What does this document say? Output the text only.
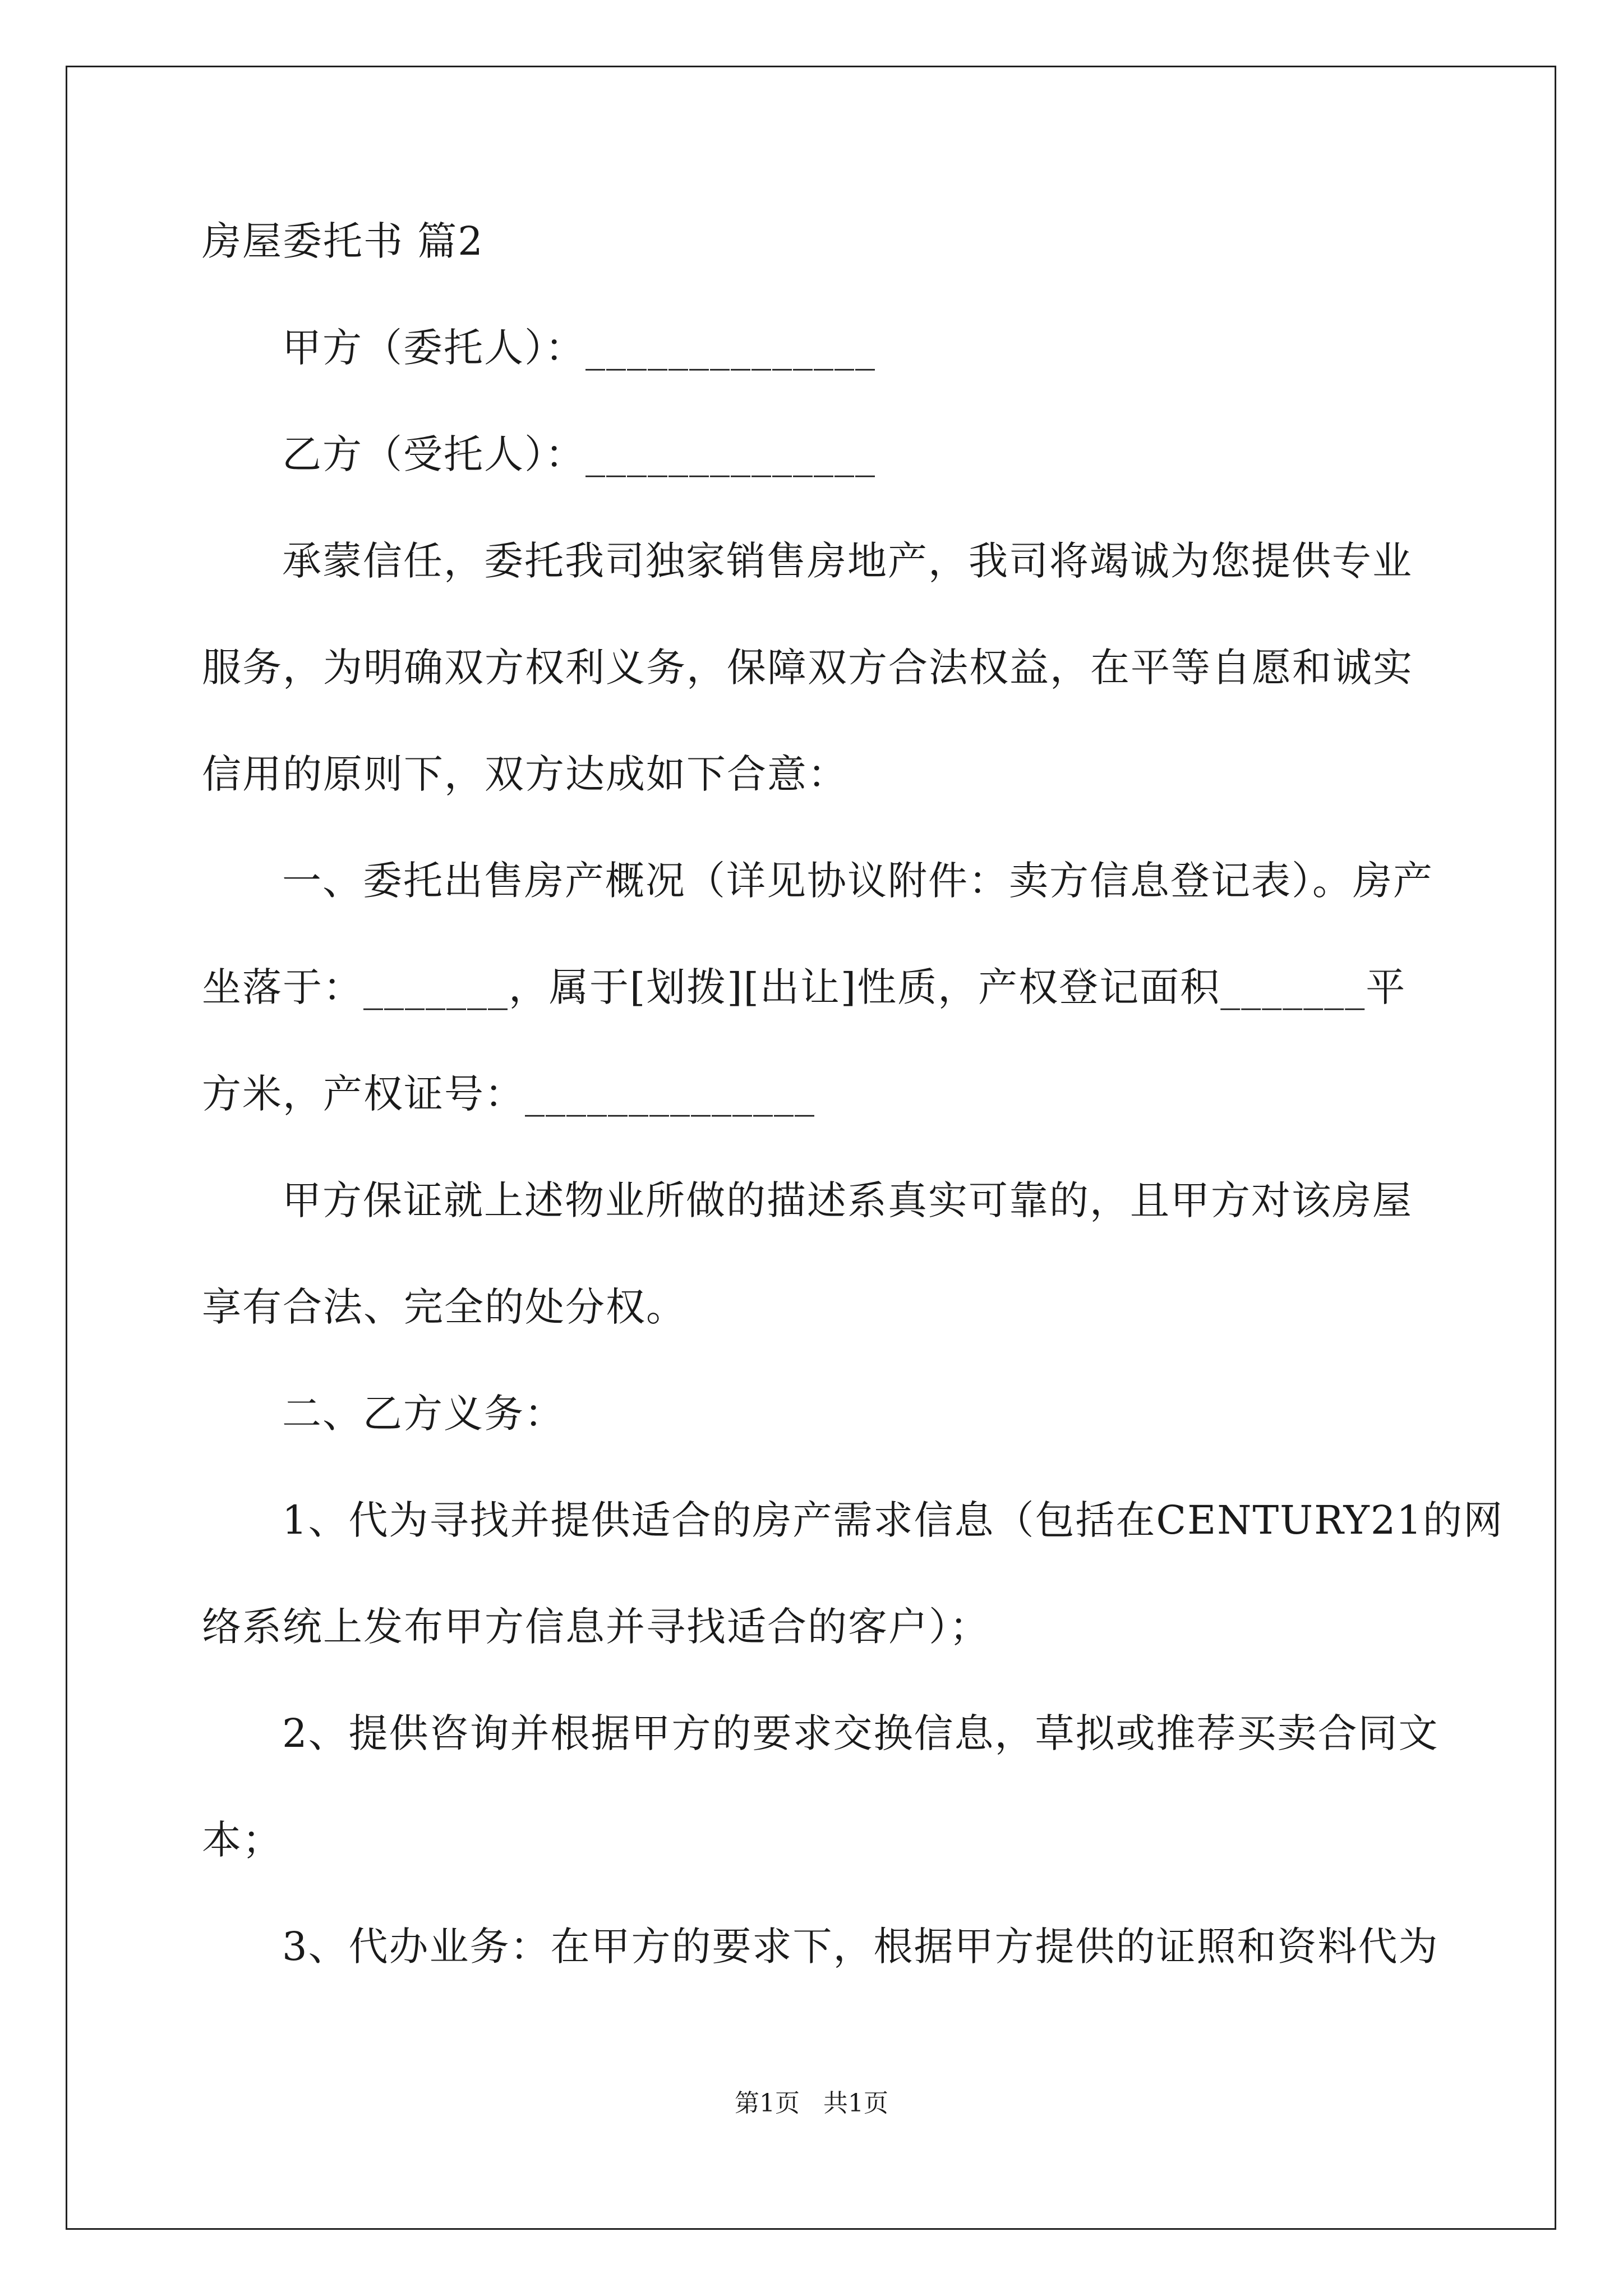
房屋委托书 篇2
甲方（委托人）：______________
乙方（受托人）：______________
承蒙信任，委托我司独家销售房地产，我司将竭诚为您提供专业
服务，为明确双方权利义务，保障双方合法权益，在平等自愿和诚实
信用的原则下，双方达成如下合意：
一、委托出售房产概况（详见协议附件：卖方信息登记表）。房产
坐落于：_______，属于[划拨][出让]性质，产权登记面积_______平
方米，产权证号：______________
甲方保证就上述物业所做的描述系真实可靠的，且甲方对该房屋
享有合法、完全的处分权。
二、乙方义务：
1、代为寻找并提供适合的房产需求信息（包括在CENTURY21的网
络系统上发布甲方信息并寻找适合的客户）；
2、提供咨询并根据甲方的要求交换信息，草拟或推荐买卖合同文
本；
3、代办业务：在甲方的要求下，根据甲方提供的证照和资料代为
第1页 共1页
